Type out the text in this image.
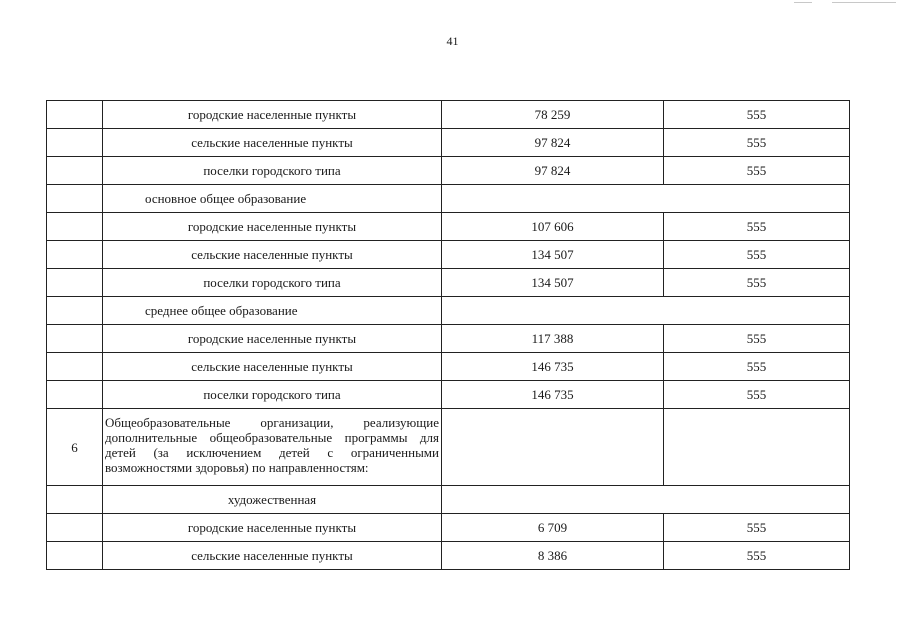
41
	городские населенные пункты	78 259	555
	сельские населенные пункты	97 824	555
	поселки городского типа	97 824	555
	основное общее образование		
	городские населенные пункты	107 606	555
	сельские населенные пункты	134 507	555
	поселки городского типа	134 507	555
	среднее общее образование		
	городские населенные пункты	117 388	555
	сельские населенные пункты	146 735	555
	поселки городского типа	146 735	555
6	Общеобразовательные организации, реализующие дополнительные общеобразовательные программы для детей (за исключением детей с ограниченными возможностями здоровья) по направленностям:		
	художественная		
	городские населенные пункты	6 709	555
	сельские населенные пункты	8 386	555
